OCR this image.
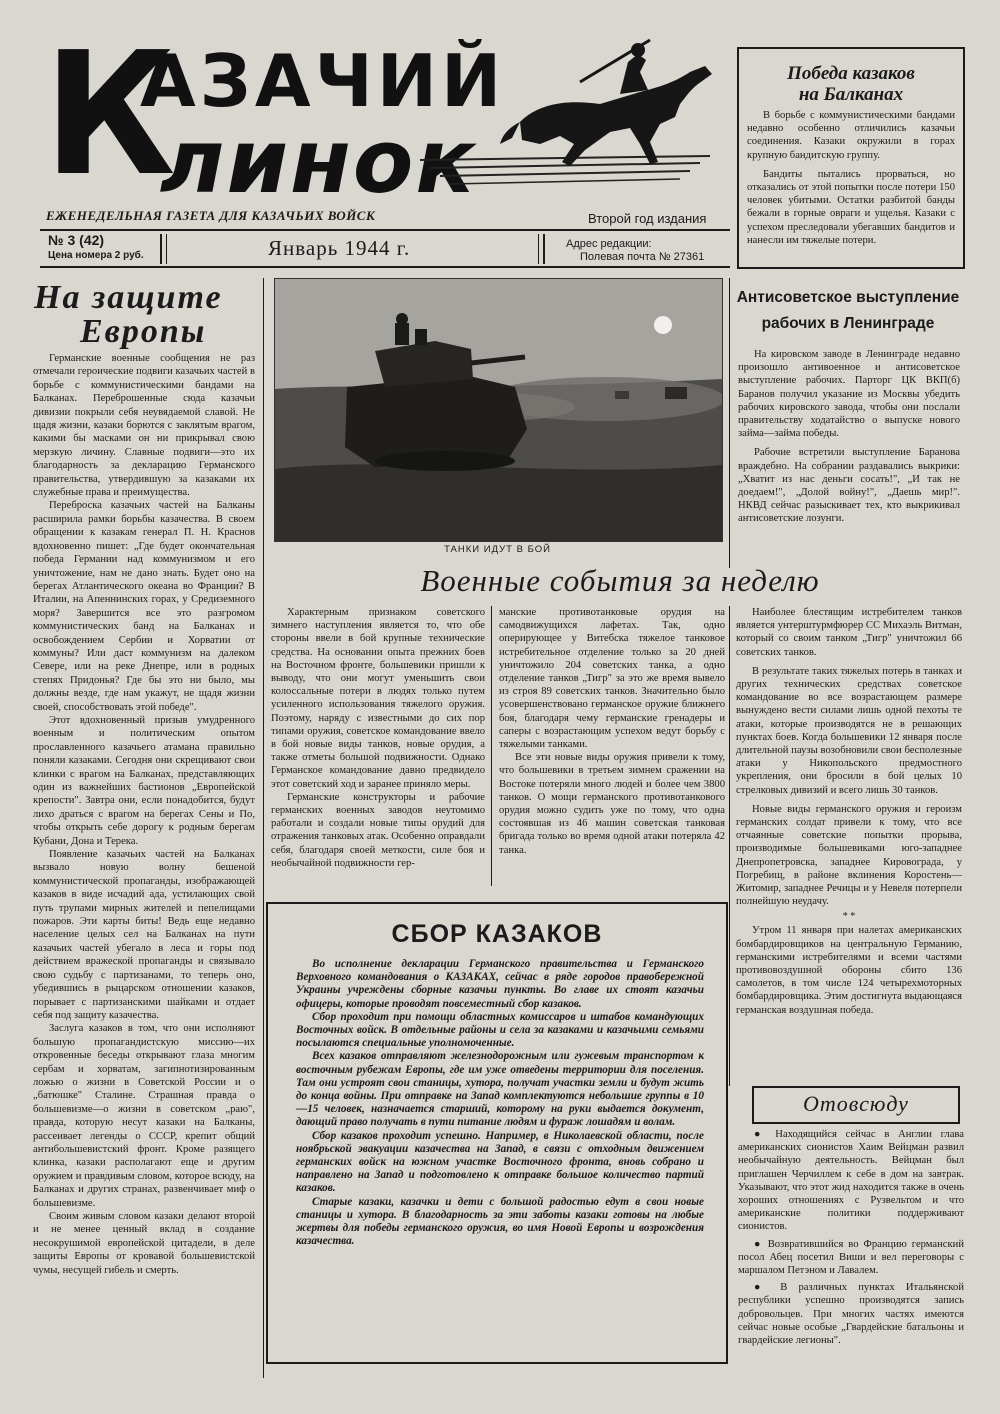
К
АЗАЧИЙ
линок
Победа казаков
на Балканах

В борьбе с коммунистическими бандами недавно особенно отличились казачьи соединения. Казаки окружили в горах крупную бандитскую группу.

Бандиты пытались прорваться, но отказались от этой попытки после потери 150 человек убитыми. Остатки разбитой банды бежали в горные овраги и ущелья. Казаки с успехом преследовали убегавших бандитов и нанесли им тяжелые потери.

ЕЖЕНЕДЕЛЬНАЯ ГАЗЕТА ДЛЯ КАЗАЧЬИХ ВОЙСК	Второй год издания
№ 3 (42)
Цена номера 2 руб.	Январь 1944 г.	Адрес редакции:
Полевая почта № 27361
На защите
Европы

Германские военные сообщения не раз отмечали героические подвиги казачьих частей в борьбе с коммунистическими бандами на Балканах. Переброшенные сюда казачьи дивизии покрыли себя неувядаемой славой. Не щадя жизни, казаки борются с заклятым врагом, какими бы масками он ни прикрывал свою мерзкую личину. Славные подвиги—это их благодарность за декларацию Германского правительства, утвердившую за казаками их служебные права и преимущества.

Переброска казачьих частей на Балканы расширила рамки борьбы казачества. В своем обращении к казакам генерал П. Н. Краснов вдохновенно пишет: „Где будет окончательная победа Германии над коммунизмом и его уничтожение, нам не дано знать. Будет оно на берегах Атлантического океана во Франции? В Италии, на Апеннинских горах, у Средиземного моря? Завершится все это разгромом коммунистических банд на Балканах и освобождением Сербии и Хорватии от коммуны? Или даст коммунизм на далеком Севере, или на реке Днепре, или в родных степях Придонья? Где бы это ни было, мы должны везде, где нам укажут, не щадя жизни своей, способствовать этой победе".

Этот вдохновенный призыв умудренного военным и политическим опытом прославленного казачьего атамана правильно поняли казаками. Сегодня они скрещивают свои клинки с врагом на Балканах, представляющих один из важнейших бастионов „Европейской крепости". Завтра они, если понадобится, будут лихо драться с врагом на берегах Сены и По, чтобы открыть себе дорогу к родным берегам Кубани, Дона и Терека.

Появление казачьих частей на Балканах вызвало новую волну бешеной коммунистической пропаганды, изображающей казаков в виде исчадий ада, устилающих свой путь трупами мирных жителей и пепелищами пожаров. Эти карты биты! Ведь еще недавно население целых сел на Балканах на пути казачьих частей убегало в леса и горы под действием вражеской пропаганды и связывало свою судьбу с партизанами, то теперь оно, убедившись в рыцарском отношении казаков, порывает с партизанскими шайками и отдает себя под защиту казачества.

Заслуга казаков в том, что они исполняют большую пропагандистскую миссию—их откровенные беседы открывают глаза многим сербам и хорватам, загипнотизированным ложью о жизни в Советской России и о „батюшке" Сталине. Страшная правда о большевизме—о жизни в советском „раю", правда, которую несут казаки на Балканы, рассеивает легенды о СССР, крепит общий антибольшевистский фронт. Кроме разящего клинка, казаки располагают еще и другим оружием и правдивым словом, которое всюду, на Балканах и других странах, развенчивает миф о большевизме.

Своим живым словом казаки делают второй и не менее ценный вклад в создание несокрушимой европейской цитадели, в деле защиты Европы от кровавой большевистской чумы, несущей гибель и смерть.

ТАНКИ ИДУТ В БОЙ
Антисоветское выступление
рабочих в Ленинграде

На кировском заводе в Ленинграде недавно произошло антивоенное и антисоветское выступление рабочих. Парторг ЦК ВКП(б) Баранов получил указание из Москвы убедить рабочих кировского завода, чтобы они послали правительству ходатайство о выпуске нового займа—займа победы.

Рабочие встретили выступление Баранова враждебно. На собрании раздавались выкрики: „Хватит из нас деньги сосать!", „И так не доедаем!", „Долой войну!", „Даешь мир!". НКВД сейчас разыскивает тех, кто выкрикивал антисоветские лозунги.

Военные события за неделю

Характерным признаком советского зимнего наступления является то, что обе стороны ввели в бой крупные технические средства. На основании опыта прежних боев на Восточном фронте, большевики пришли к выводу, что они могут уменьшить свои колоссальные потери в людях только путем усиленного использования тяжелого оружия. Поэтому, наряду с известными до сих пор типами оружия, советское командование ввело в бой новые виды танков, новые орудия, а также отметы большой подвижности. Однако Германское командование давно предвидело этот советский ход и заранее приняло меры.

Германские конструкторы и рабочие германских военных заводов неутомимо работали и создали новые типы орудий для отражения танковых атак. Особенно оправдали себя, благодаря своей меткости, силе боя и необычайной подвижности гер-

манские противотанковые орудия на самодвижущихся лафетах. Так, одно оперирующее у Витебска тяжелое танковое истребительное отделение только за 20 дней уничтожило 204 советских танка, а одно отделение танков „Тигр" за это же время вывело из строя 89 советских танков. Значительно было усовершенствовано германское оружие ближнего боя, благодаря чему германские гренадеры и саперы с возрастающим успехом ведут борьбу с тяжелыми танками.

Все эти новые виды оружия привели к тому, что большевики в третьем зимнем сражении на Востоке потеряли много людей и более чем 3800 танков. О мощи германского противотанкового орудия можно судить уже по тому, что одна состоявшая из 46 машин советская танковая бригада только во время одной атаки потеряла 42 танка.

Наиболее блестящим истребителем танков является унтерштурмфюрер СС Михаэль Витман, который со своим танком „Тигр" уничтожил 66 советских танков.

В результате таких тяжелых потерь в танках и других технических средствах советское командование во все возрастающем размере вынуждено вести силами лишь одной пехоты те атаки, которые производятся не в решающих пунктах боев. Когда большевики 12 января после длительной паузы возобновили свои бесполезные атаки у Никопольского предмостного укрепления, они бросили в бой целых 10 стрелковых дивизий и всего лишь 30 танков.

Новые виды германского оружия и героизм германских солдат привели к тому, что все отчаянные советские попытки прорыва, производимые большевиками юго-западнее Днепропетровска, западнее Кировограда, у Погребищ, в районе вклинения Коростень—Житомир, западнее Речицы и у Невеля потерпели полнейшую неудачу.

* *

Утром 11 января при налетах американских бомбардировщиков на центральную Германию, германскими истребителями и всеми частями противовоздушной обороны сбито 136 самолетов, в том числе 124 четырехмоторных бомбардировщика. Этим достигнута выдающаяся германская воздушная победа.

СБОР КАЗАКОВ

Во исполнение декларации Германского правительства и Германского Верховного командования о КАЗАКАХ, сейчас в ряде городов правобережной Украины учреждены сборные казачьи пункты. Во главе их стоят казачьи офицеры, которые проводят повсеместный сбор казаков.

Сбор проходит при помощи областных комиссаров и штабов командующих Восточных войск. В отдельные районы и села за казаками и казачьими семьями посылаются специальные уполномоченные.

Всех казаков отправляют железнодорожным или гужевым транспортом к восточным рубежам Европы, где им уже отведены территории для поселения. Там они устроят свои станицы, хутора, получат участки земли и будут жить до конца войны. При отправке на Запад комплектуются небольшие группы в 10—15 человек, назначается старший, которому на руки выдается документ, дающий право получать в пути питание людям и фураж лошадям и волам.

Сбор казаков проходит успешно. Например, в Николаевской области, после ноябрьской эвакуации казачества на Запад, в связи с отходным движением германских войск на южном участке Восточного фронта, вновь собрано и направлено на Запад и подготовлено к отправке большое количество партий казаков.

Старые казаки, казачки и дети с большой радостью едут в свои новые станицы и хутора. В благодарность за эти заботы казаки готовы на любые жертвы для победы германского оружия, во имя Новой Европы и возрождения казачества.

Отовсюду

● Находящийся сейчас в Англии глава американских сионистов Хаим Вейцман развил необычайную деятельность. Вейцман был приглашен Черчиллем к себе в дом на завтрак. Указывают, что этот жид находится также в очень хороших отношениях с Рузвельтом и что американские политики поддерживают сионистов.

● Возвратившийся во Францию германский посол Абец посетил Виши и вел переговоры с маршалом Петэном и Лавалем.

● В различных пунктах Итальянской республики успешно производятся запись добровольцев. При многих частях имеются сейчас новые особые „Гвардейские батальоны и гвардейские легионы".
